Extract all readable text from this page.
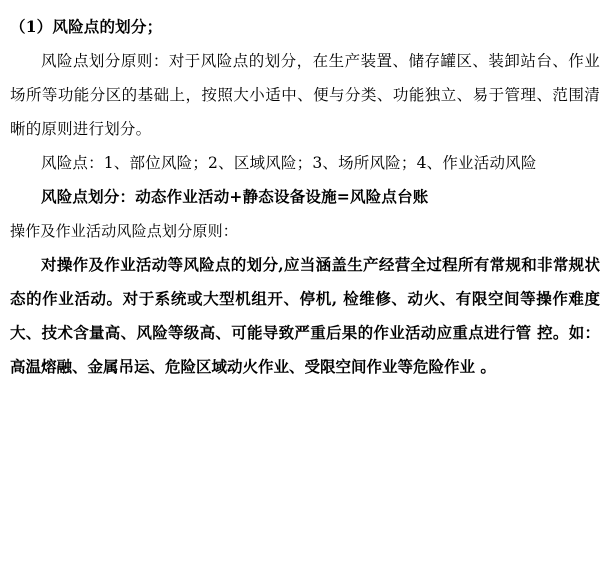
（1）风险点的划分；

风险点划分原则：对于风险点的划分，在生产装置、储存罐区、装卸站台、作业场所等功能分区的基础上，按照大小适中、便与分类、功能独立、易于管理、范围清晰的原则进行划分。

风险点：1、部位风险；2、区域风险；3、场所风险；4、作业活动风险

风险点划分：动态作业活动+静态设备设施=风险点台账

操作及作业活动风险点划分原则：

对操作及作业活动等风险点的划分,应当涵盖生产经营全过程所有常规和非常规状态的作业活动。对于系统或大型机组开、停机, 检维修、动火、有限空间等操作难度大、技术含量高、风险等级高、可能导致严重后果的作业活动应重点进行管 控。如：高温熔融、金属吊运、危险区域动火作业、受限空间作业等危险作业 。
